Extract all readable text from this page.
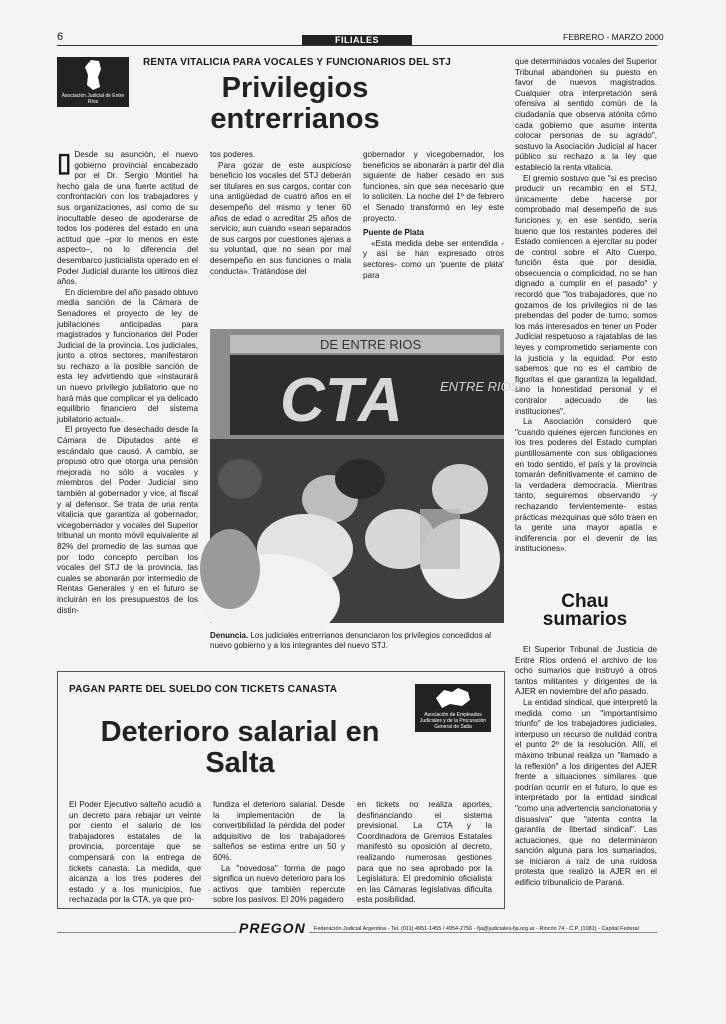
6	FILIALES	FEBRERO - MARZO 2000
Asociación Judicial de Entre Ríos
RENTA VITALICIA PARA VOCALES Y FUNCIONARIOS DEL STJ
Privilegios entrerrianos

▯ Desde su asunción, el nuevo gobierno provincial encabezado por el Dr. Sergio Montiel ha hecho gala de una fuerte actitud de confrontación con los trabajadores y sus organizaciones, así como de su inocultable deseo de apoderarse de todos los poderes del estado en una actitud que –por lo menos en este aspecto–, no lo diferencia del desembarco justicialista operado en el Poder Judicial durante los últimos diez años.

En diciembre del año pasado obtuvo media sanción de la Cámara de Senadores el proyecto de ley de jubilaciones anticipadas para magistrados y funcionarios del Poder Judicial de la provincia. Los judiciales, junto a otros sectores, manifestaron su rechazo a la posible sanción de esta ley advirtiendo que «instaurará un nuevo privilegio jubilatorio que no hará más que complicar el ya delicado equilibrio financiero del sistema jubilatorio actual».

El proyecto fue desechado desde la Cámara de Diputados ante el escándalo que causó. A cambio, se propuso otro que otorga una pensión mejorada no sólo a vocales y miembros del Poder Judicial sino también al gobernador y vice, al fiscal y al defensor. Se trata de una renta vitalicia que garantiza al gobernador, vicegobernador y vocales del Superior tribunal un monto móvil equivalente al 82% del promedio de las sumas que por todo concepto perciban los vocales del STJ de la provincia, las cuales se abonarán por intermedio de Rentas Generales y en el futuro se incluirán en los presupuestos de los distin-

tos poderes.

Para gozar de este auspicioso beneficio los vocales del STJ deberán ser titulares en sus cargos, contar con una antigüedad de cuatro años en el desempeño del mismo y tener 60 años de edad o acreditar 25 años de servicio, aun cuando «sean separados de sus cargos por cuestiones ajenas a su voluntad, que no sean por mal desempeño en sus funciones o mala conducta». Tratándose del

gobernador y vicegobernador, los beneficios se abonarán a partir del día siguiente de haber cesado en sus funciones, sin que sea necesario que lo soliciten. La noche del 1º de febrero el Senado transformó en ley este proyecto.

Puente de Plata

«Esta medida debe ser entendida - y así se han expresado otros sectores- como un 'puente de plata' para

que determinados vocales del Superior Tribunal abandonen su puesto en favor de nuevos magistrados. Cualquier otra interpretación será ofensiva al sentido común de la ciudadanía que observa atónita cómo cada gobierno que asume intenta colocar personas de su agrado", sostuvo la Asociación Judicial al hacer público su rechazo a la ley que estableció la renta vitalicia.

El gremio sostuvo que "si es preciso producir un recambio en el STJ, únicamente debe hacerse por comprobado mal desempeño de sus funciones y, en ese sentido, sería bueno que los restantes poderes del Estado comiencen a ejercitar su poder de control sobre el Alto Cuerpo, función ésta que por desidia, obsecuencia o complicidad, no se han dignado a cumplir en el pasado" y recordó que "los trabajadores, que no gozamos de los privilegios ni de las prebendas del poder de turno, somos los más interesados en tener un Poder Judicial respetuoso a rajatablas de las leyes y comprometido seriamente con la justicia y la equidad. Por esto sabemos que no es el cambio de figuritas el que garantiza la legalidad, sino la honestidad personal y el contralor adecuado de las instituciones".

La Asociación consideró que "cuando quienes ejercen funciones en los tres poderes del Estado cumplan puntillosamente con sus obligaciones en todo sentido, el país y la provincia tomarán definitivamente el camino de la verdadera democracia. Mientras tanto, seguiremos observando -y rechazando fervientemente- estas prácticas mezquinas que sólo traen en la gente una mayor apatía e indiferencia por el devenir de las instituciones».

DE ENTRE RIOS
CTA	ENTRE RIOS
Denuncia. Los judiciales entrerrianos denunciaron los privilegios concedidos al nuevo gobierno y a los integrantes del nuevo STJ.
Chau sumarios

El Superior Tribunal de Justicia de Entre Ríos ordenó el archivo de los ocho sumarios que instruyó a otros tantos militantes y dirigentes de la AJER en noviembre del año pasado.

La entidad sindical, que interpretó la medida como un "importantísimo triunfo" de los trabajadores judiciales, interpuso un recurso de nulidad contra el punto 2º de la resolución. Allí, el máximo tribunal realiza un "llamado a la reflexión" a los dirigentes del AJER frente a situaciones similares que podrían ocurrir en el futuro, lo que es interpretado por la entidad sindical "como una advertencia sancionatoria y disuasiva" que "atenta contra la garantía de libertad sindical". Las actuaciones, que no determinaron sanción alguna para los sumariados, se iniciaron a raíz de una ruidosa protesta que realizó la AJER en el edificio tribunalicio de Paraná.

PAGAN PARTE DEL SUELDO CON TICKETS CANASTA
Asociación de Empleados Judiciales y de la Procuración General de Salta
Deterioro salarial en Salta

El Poder Ejecutivo salteño acudió a un decreto para rebajar un veinte por ciento el salario de los trabajadores estatales de la provincia, porcentaje que se compensará con la entrega de tickets canasta. La medida, que alcanza a los tres poderes del estado y a los municipios, fue rechazada por la CTA, ya que pro-

fundiza el deterioro salarial. Desde la implementación de la convertibilidad la pérdida del poder adquisitivo de los trabajadores salteños se estima entre un 50 y 60%.

La "novedosa" forma de pago significa un nuevo deterioro para los activos que también repercute sobre los pasivos. El 20% pagadero

en tickets no realiza aportes, desfinanciando el sistema previsional. La CTA y la Coordinadora de Gremios Estatales manifestó su oposición al decreto, realizando numerosas gestiones para que no sea aprobado por la Legislatura. El predominio oficialista en las Cámaras legislativas dificulta esta posibilidad.

PREGON	Federación Judicial Argentina - Tel. (011) 4951-1455 / 4954-2756 - fja@judiciales-fja.org.ar - Rincón 74 - C.P. (1081) - Capital Federal
